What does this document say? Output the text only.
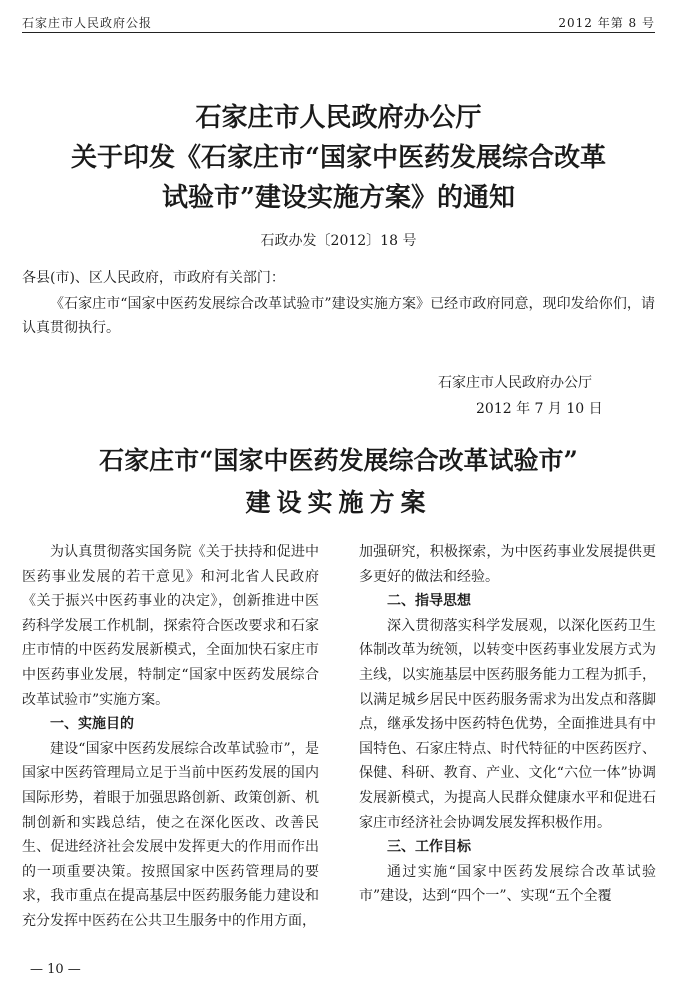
石家庄市人民政府公报	2012 年第 8 号
石家庄市人民政府办公厅
关于印发《石家庄市“国家中医药发展综合改革
试验市”建设实施方案》的通知
石政办发〔2012〕18 号
各县(市)、区人民政府，市政府有关部门：
《石家庄市“国家中医药发展综合改革试验市”建设实施方案》已经市政府同意，现印发给你们，请认真贯彻执行。
石家庄市人民政府办公厅
2012 年 7 月 10 日
石家庄市“国家中医药发展综合改革试验市”
建设实施方案

为认真贯彻落实国务院《关于扶持和促进中医药事业发展的若干意见》和河北省人民政府《关于振兴中医药事业的决定》，创新推进中医药科学发展工作机制，探索符合医改要求和石家庄市情的中医药发展新模式，全面加快石家庄市中医药事业发展，特制定“国家中医药发展综合改革试验市”实施方案。

一、实施目的

建设“国家中医药发展综合改革试验市”，是国家中医药管理局立足于当前中医药发展的国内国际形势，着眼于加强思路创新、政策创新、机制创新和实践总结，使之在深化医改、改善民生、促进经济社会发展中发挥更大的作用而作出的一项重要决策。按照国家中医药管理局的要求，我市重点在提高基层中医药服务能力建设和充分发挥中医药在公共卫生服务中的作用方面，

加强研究，积极探索，为中医药事业发展提供更多更好的做法和经验。

二、指导思想

深入贯彻落实科学发展观，以深化医药卫生体制改革为统领，以转变中医药事业发展方式为主线，以实施基层中医药服务能力工程为抓手，以满足城乡居民中医药服务需求为出发点和落脚点，继承发扬中医药特色优势，全面推进具有中国特色、石家庄特点、时代特征的中医药医疗、保健、科研、教育、产业、文化“六位一体”协调发展新模式，为提高人民群众健康水平和促进石家庄市经济社会协调发展发挥积极作用。

三、工作目标

通过实施“国家中医药发展综合改革试验市”建设，达到“四个一”、实现“五个全覆

— 10 —
